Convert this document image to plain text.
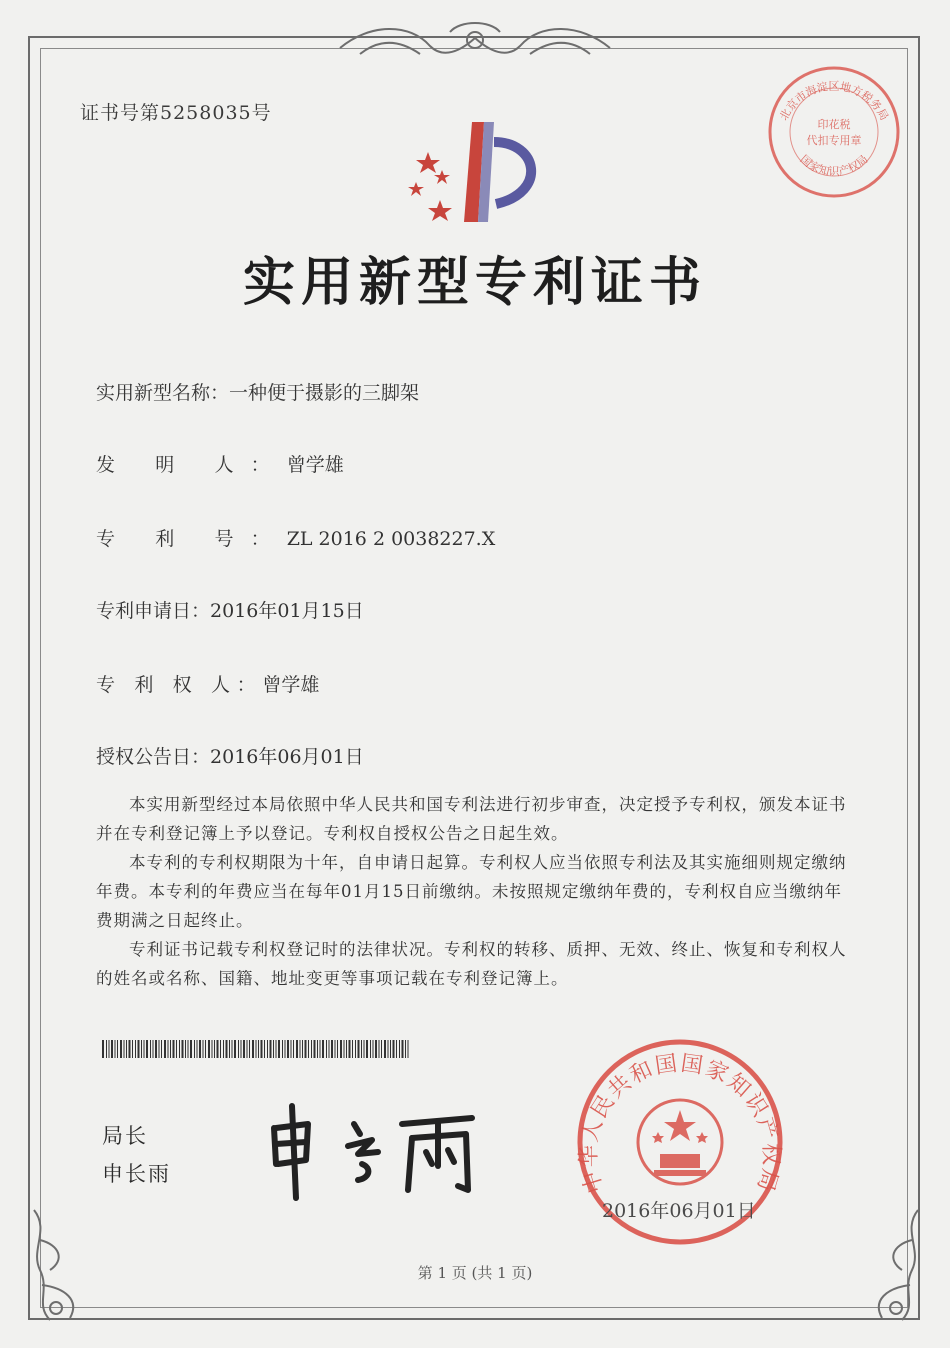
证书号第5258035号
实用新型专利证书
实用新型名称：一种便于摄影的三脚架
发 明 人：曾学雄
专 利 号：ZL 2016 2 0038227.X
专利申请日：2016年01月15日
专 利 权 人：曾学雄
授权公告日：2016年06月01日

本实用新型经过本局依照中华人民共和国专利法进行初步审查，决定授予专利权，颁发本证书并在专利登记簿上予以登记。专利权自授权公告之日起生效。

本专利的专利权期限为十年，自申请日起算。专利权人应当依照专利法及其实施细则规定缴纳年费。本专利的年费应当在每年01月15日前缴纳。未按照规定缴纳年费的，专利权自应当缴纳年费期满之日起终止。

专利证书记载专利权登记时的法律状况。专利权的转移、质押、无效、终止、恢复和专利权人的姓名或名称、国籍、地址变更等事项记载在专利登记簿上。

局长
申长雨	中华人民共和国国家知识产权局
2016年06月01日
北京市海淀区地方税务局
印花税
代扣专用章
国家知识产权局
第 1 页 (共 1 页)
